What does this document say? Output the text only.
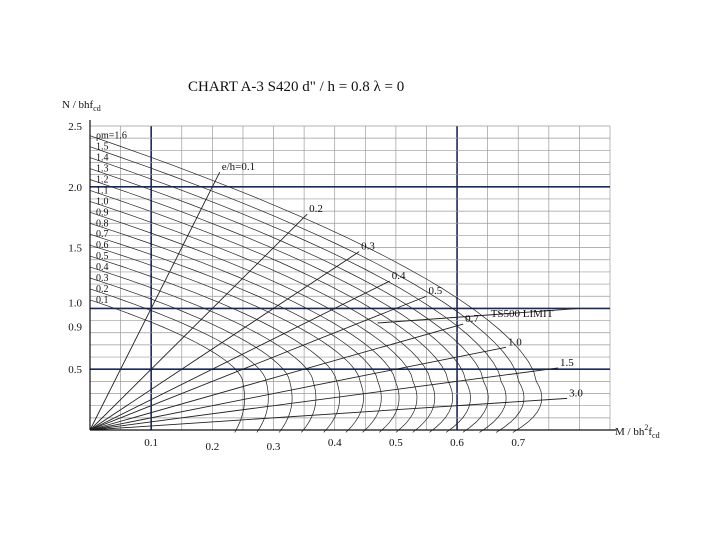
CHART A-3 S420 d" / h = 0.8 λ = 0
e/h=0.1
0.2
0.3
0.4
0.5
0.7
1.0
1.5
3.0
2.5
2.0
1.5
1.0
0.9
0.5
0.1	0.2	0.3	0.4	0.5	0.6	0.7
ρm=1.6
1.5
1.4
1.3
1.2
1.1
1.0
0.9
0.8
0.7
0.6
0.5
0.4
0.3
0.2
0.1
TS500 LIMIT
N / bhf$_{cd}$
M / $bh^2f_{cd}$
